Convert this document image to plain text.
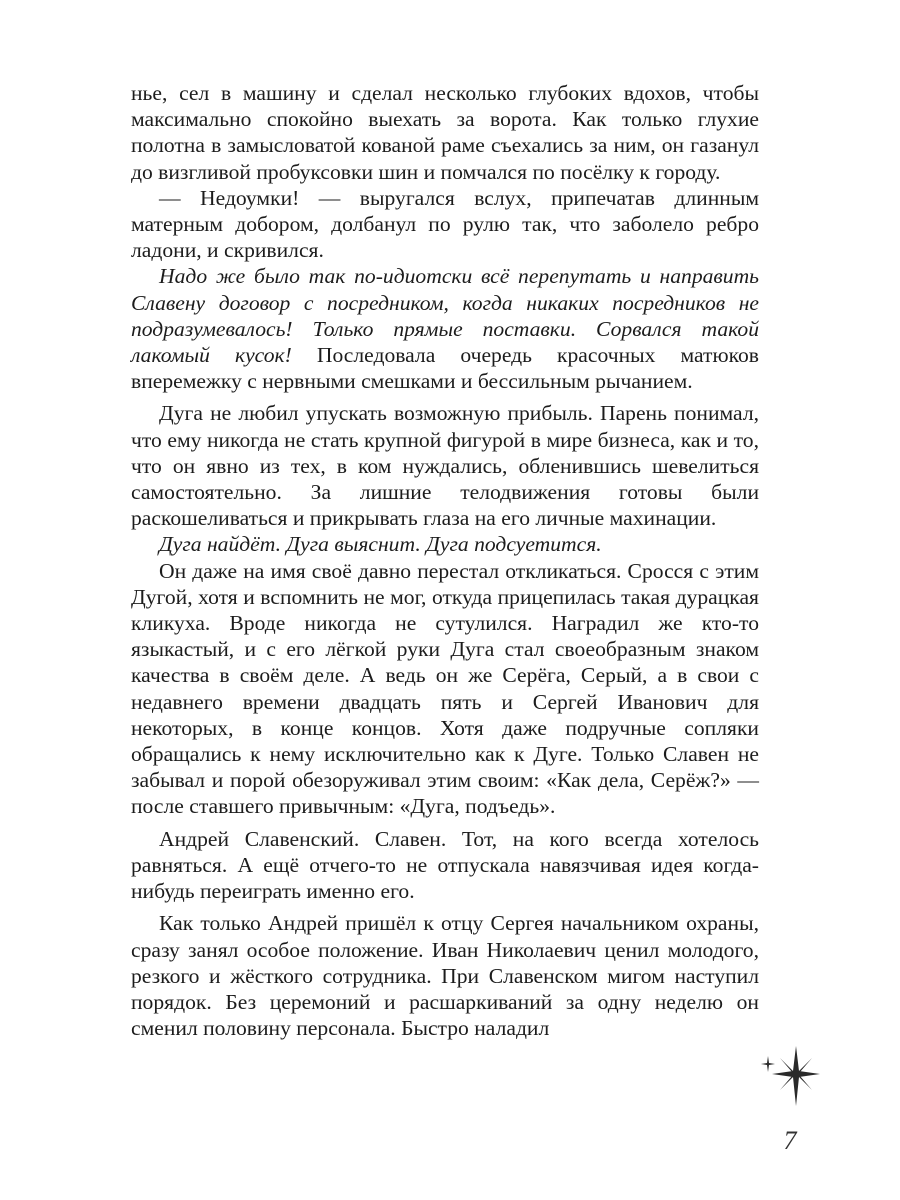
нье, сел в машину и сделал несколько глубоких вдохов, чтобы максимально спокойно выехать за ворота. Как только глухие полотна в замысловатой кованой раме съехались за ним, он газанул до визгливой пробуксовки шин и помчался по посёлку к городу.

— Недоумки! — выругался вслух, припечатав длинным матерным добором, долбанул по рулю так, что заболело ребро ладони, и скривился.

Надо же было так по-идиотски всё перепутать и направить Славену договор с посредником, когда никаких посредников не подразумевалось! Только прямые поставки. Сорвался такой лакомый кусок! Последовала очередь красочных матюков вперемежку с нервными смешками и бессильным рычанием.

Дуга не любил упускать возможную прибыль. Парень понимал, что ему никогда не стать крупной фигурой в мире бизнеса, как и то, что он явно из тех, в ком нуждались, обленившись шевелиться самостоятельно. За лишние телодвижения готовы были раскошеливаться и прикрывать глаза на его личные махинации.

Дуга найдёт. Дуга выяснит. Дуга подсуетится.

Он даже на имя своё давно перестал откликаться. Сросся с этим Дугой, хотя и вспомнить не мог, откуда прицепилась такая дурацкая кликуха. Вроде никогда не сутулился. Наградил же кто-то языкастый, и с его лёгкой руки Дуга стал своеобразным знаком качества в своём деле. А ведь он же Серёга, Серый, а в свои с недавнего времени двадцать пять и Сергей Иванович для некоторых, в конце концов. Хотя даже подручные сопляки обращались к нему исключительно как к Дуге. Только Славен не забывал и порой обезоруживал этим своим: «Как дела, Серёж?» — после ставшего привычным: «Дуга, подъедь».

Андрей Славенский. Славен. Тот, на кого всегда хотелось равняться. А ещё отчего-то не отпускала навязчивая идея когда-нибудь переиграть именно его.

Как только Андрей пришёл к отцу Сергея начальником охраны, сразу занял особое положение. Иван Николаевич ценил молодого, резкого и жёсткого сотрудника. При Славенском мигом наступил порядок. Без церемоний и расшаркиваний за одну неделю он сменил половину персонала. Быстро наладил

7
